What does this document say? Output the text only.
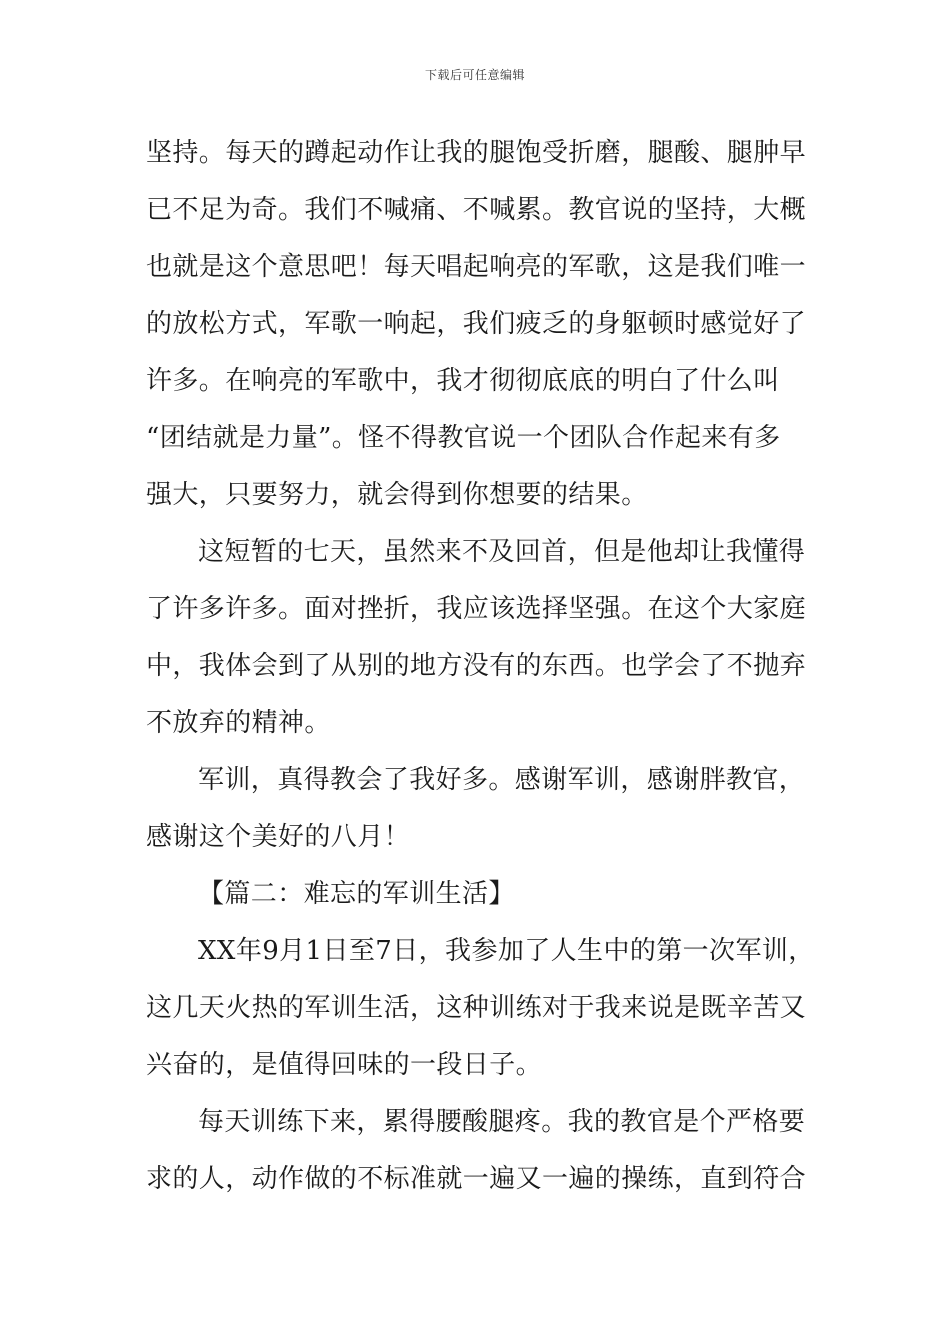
下载后可任意编辑
坚持。每天的蹲起动作让我的腿饱受折磨，腿酸、腿肿早
已不足为奇。我们不喊痛、不喊累。教官说的坚持，大概
也就是这个意思吧！每天唱起响亮的军歌，这是我们唯一
的放松方式，军歌一响起，我们疲乏的身躯顿时感觉好了
许多。在响亮的军歌中，我才彻彻底底的明白了什么叫
“团结就是力量”。怪不得教官说一个团队合作起来有多
强大，只要努力，就会得到你想要的结果。
这短暂的七天，虽然来不及回首，但是他却让我懂得
了许多许多。面对挫折，我应该选择坚强。在这个大家庭
中，我体会到了从别的地方没有的东西。也学会了不抛弃
不放弃的精神。
军训，真得教会了我好多。感谢军训，感谢胖教官，
感谢这个美好的八月！
【篇二：难忘的军训生活】
XX年9月1日至7日，我参加了人生中的第一次军训，
这几天火热的军训生活，这种训练对于我来说是既辛苦又
兴奋的，是值得回味的一段日子。
每天训练下来，累得腰酸腿疼。我的教官是个严格要
求的人，动作做的不标准就一遍又一遍的操练，直到符合
